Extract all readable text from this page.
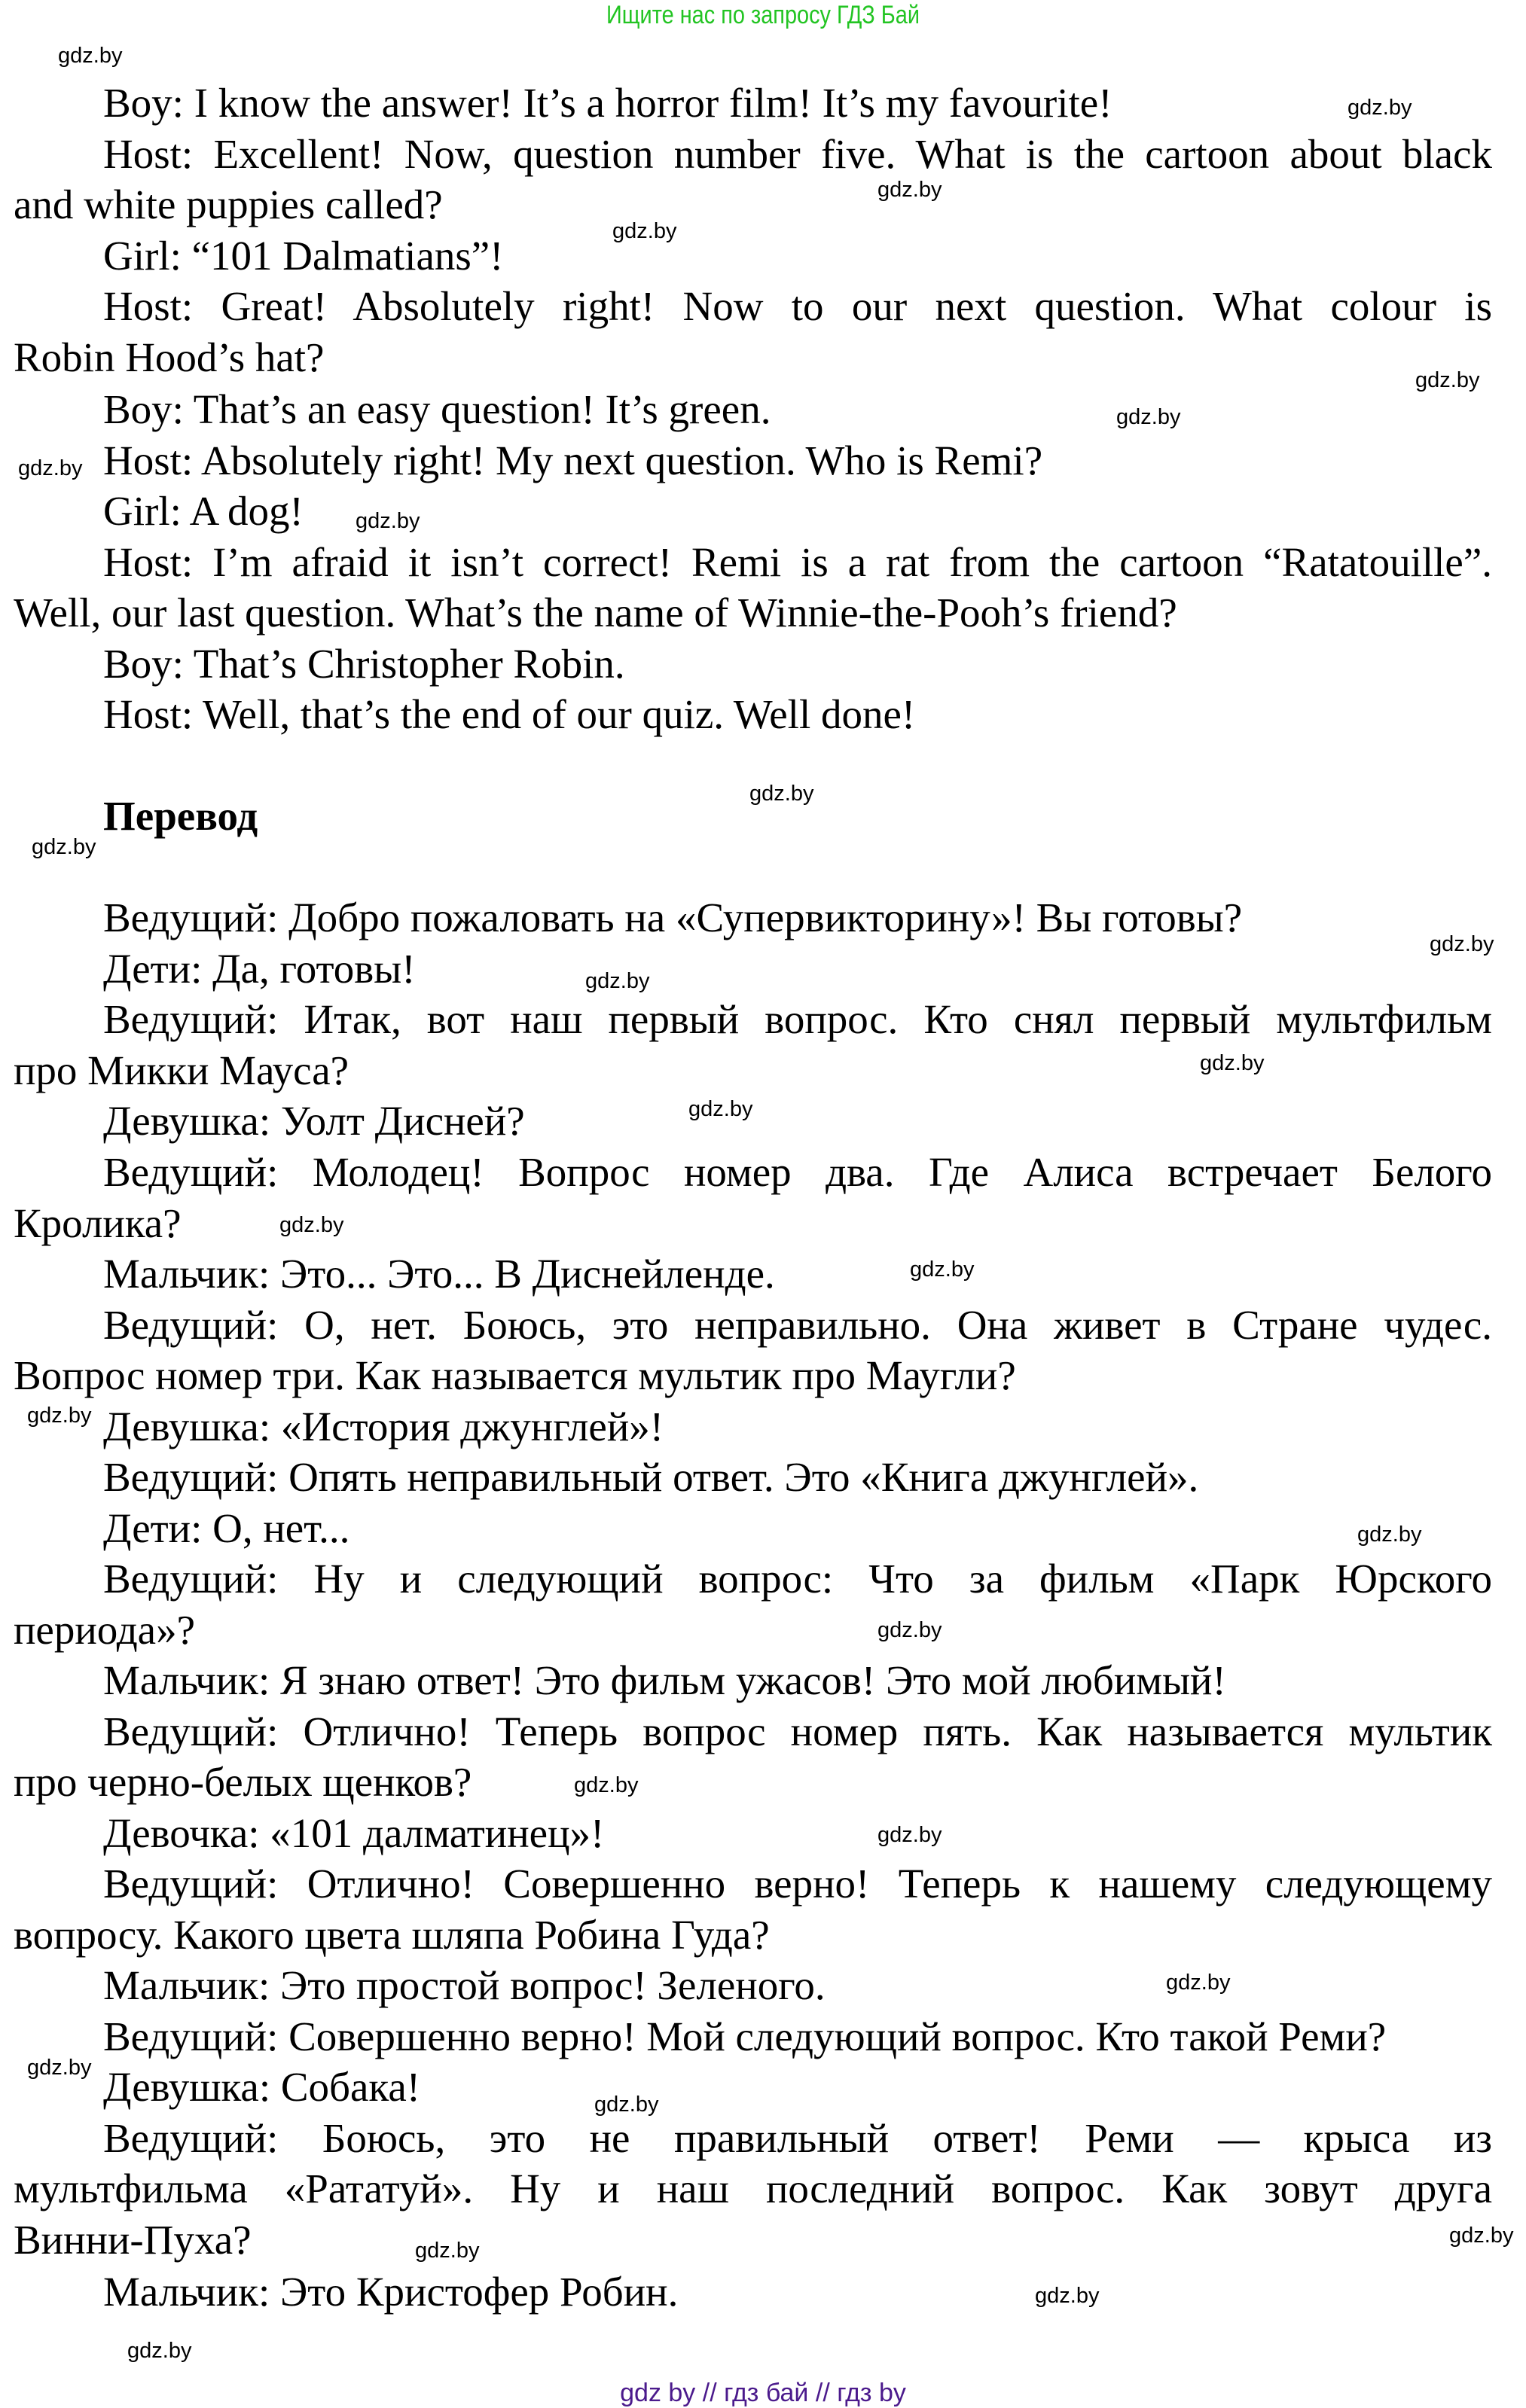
Ищите нас по запросу ГДЗ Бай
Boy: I know the answer! It’s a horror film! It’s my favourite!
Host: Excellent! Now, question number five. What is the cartoon about black
and white puppies called?
Girl: “101 Dalmatians”!
Host: Great! Absolutely right! Now to our next question. What colour is
Robin Hood’s hat?
Boy: That’s an easy question! It’s green.
Host: Absolutely right! My next question. Who is Remi?
Girl: A dog!
Host: I’m afraid it isn’t correct! Remi is a rat from the cartoon “Ratatouille”.
Well, our last question. What’s the name of Winnie-the-Pooh’s friend?
Boy: That’s Christopher Robin.
Host: Well, that’s the end of our quiz. Well done!
Перевод
Ведущий: Добро пожаловать на «Супервикторину»! Вы готовы?
Дети: Да, готовы!
Ведущий: Итак, вот наш первый вопрос. Кто снял первый мультфильм
про Микки Мауса?
Девушка: Уолт Дисней?
Ведущий: Молодец! Вопрос номер два. Где Алиса встречает Белого
Кролика?
Мальчик: Это... Это... В Диснейленде.
Ведущий: О, нет. Боюсь, это неправильно. Она живет в Стране чудес.
Вопрос номер три. Как называется мультик про Маугли?
Девушка: «История джунглей»!
Ведущий: Опять неправильный ответ. Это «Книга джунглей».
Дети: О, нет...
Ведущий: Ну и следующий вопрос: Что за фильм «Парк Юрского
периода»?
Мальчик: Я знаю ответ! Это фильм ужасов! Это мой любимый!
Ведущий: Отлично! Теперь вопрос номер пять. Как называется мультик
про черно-белых щенков?
Девочка: «101 далматинец»!
Ведущий: Отлично! Совершенно верно! Теперь к нашему следующему
вопросу. Какого цвета шляпа Робина Гуда?
Мальчик: Это простой вопрос! Зеленого.
Ведущий: Совершенно верно! Мой следующий вопрос. Кто такой Реми?
Девушка: Собака!
Ведущий: Боюсь, это не правильный ответ! Реми — крыса из
мультфильма «Рататуй». Ну и наш последний вопрос. Как зовут друга
Винни-Пуха?
Мальчик: Это Кристофер Робин.
gdz.by
gdz.by
gdz.by
gdz.by
gdz.by
gdz.by
gdz.by
gdz.by
gdz.by
gdz.by
gdz.by
gdz.by
gdz.by
gdz.by
gdz.by
gdz.by
gdz.by
gdz.by
gdz.by
gdz.by
gdz.by
gdz.by
gdz.by
gdz.by
gdz.by
gdz.by
gdz.by
gdz.by
gdz by // гдз бай // гдз by
